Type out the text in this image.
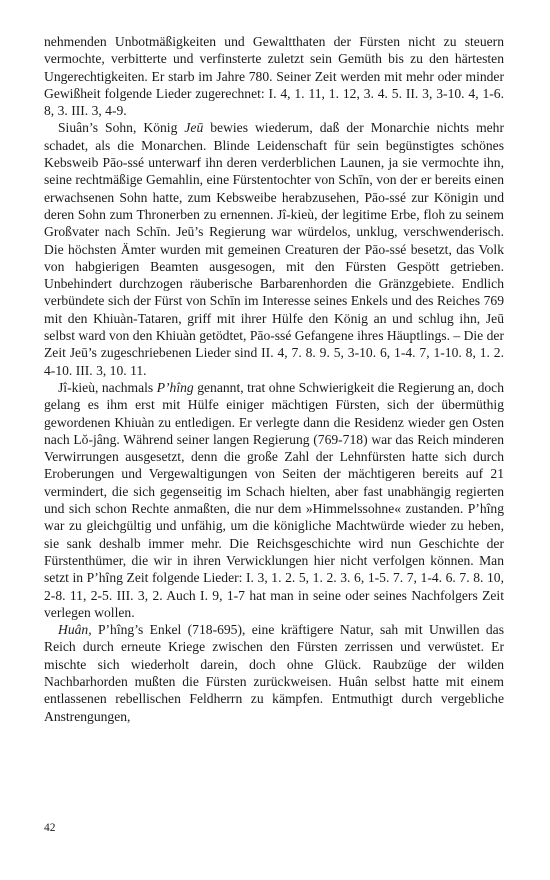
nehmenden Unbotmäßigkeiten und Gewaltthaten der Fürsten nicht zu steuern vermochte, verbitterte und verfinsterte zuletzt sein Gemüth bis zu den härtesten Ungerechtigkeiten. Er starb im Jahre 780. Seiner Zeit werden mit mehr oder minder Gewißheit folgende Lieder zugerechnet: I. 4, 1. 11, 1. 12, 3. 4. 5. II. 3, 3-10. 4, 1-6. 8, 3. III. 3, 4-9.

Siuân’s Sohn, König Jeū bewies wiederum, daß der Monarchie nichts mehr schadet, als die Monarchen. Blinde Leidenschaft für sein begünstigtes schönes Kebsweib Pāo-ssé unterwarf ihn deren verderblichen Launen, ja sie vermochte ihn, seine rechtmäßige Gemahlin, eine Fürstentochter von Schīn, von der er bereits einen erwachsenen Sohn hatte, zum Kebsweibe herabzusehen, Pāo-ssé zur Königin und deren Sohn zum Thronerben zu ernennen. Jî-kieù, der legitime Erbe, floh zu seinem Großvater nach Schīn. Jeū’s Regierung war würdelos, unklug, verschwenderisch. Die höchsten Ämter wurden mit gemeinen Creaturen der Pāo-ssé besetzt, das Volk von habgierigen Beamten ausgesogen, mit den Fürsten Gespött getrieben. Unbehindert durchzogen räuberische Barbarenhorden die Gränzgebiete. Endlich verbündete sich der Fürst von Schīn im Interesse seines Enkels und des Reiches 769 mit den Khiuàn-Tataren, griff mit ihrer Hülfe den König an und schlug ihn, Jeū selbst ward von den Khiuàn getödtet, Pāo-ssé Gefangene ihres Häuptlings. – Die der Zeit Jeū’s zugeschriebenen Lieder sind II. 4, 7. 8. 9. 5, 3-10. 6, 1-4. 7, 1-10. 8, 1. 2. 4-10. III. 3, 10. 11.

Jî-kieù, nachmals P’hîng genannt, trat ohne Schwierigkeit die Regierung an, doch gelang es ihm erst mit Hülfe einiger mächtigen Fürsten, sich der übermüthig gewordenen Khiuàn zu entledigen. Er verlegte dann die Residenz wieder gen Osten nach Lŏ-jâng. Während seiner langen Regierung (769-718) war das Reich minderen Verwirrungen ausgesetzt, denn die große Zahl der Lehnfürsten hatte sich durch Eroberungen und Vergewaltigungen von Seiten der mächtigeren bereits auf 21 vermindert, die sich gegenseitig im Schach hielten, aber fast unabhängig regierten und sich schon Rechte anmaßten, die nur dem »Himmelssohne« zustanden. P’hîng war zu gleichgültig und unfähig, um die königliche Machtwürde wieder zu heben, sie sank deshalb immer mehr. Die Reichsgeschichte wird nun Geschichte der Fürstenthümer, die wir in ihren Verwicklungen hier nicht verfolgen können. Man setzt in P’hîng Zeit folgende Lieder: I. 3, 1. 2. 5, 1. 2. 3. 6, 1-5. 7. 7, 1-4. 6. 7. 8. 10, 2-8. 11, 2-5. III. 3, 2. Auch I. 9, 1-7 hat man in seine oder seines Nachfolgers Zeit verlegen wollen.

Huân, P’hîng’s Enkel (718-695), eine kräftigere Natur, sah mit Unwillen das Reich durch erneute Kriege zwischen den Fürsten zerrissen und verwüstet. Er mischte sich wiederholt darein, doch ohne Glück. Raubzüge der wilden Nachbarhorden mußten die Fürsten zurückweisen. Huân selbst hatte mit einem entlassenen rebellischen Feldherrn zu kämpfen. Entmuthigt durch vergebliche Anstrengungen,

42
